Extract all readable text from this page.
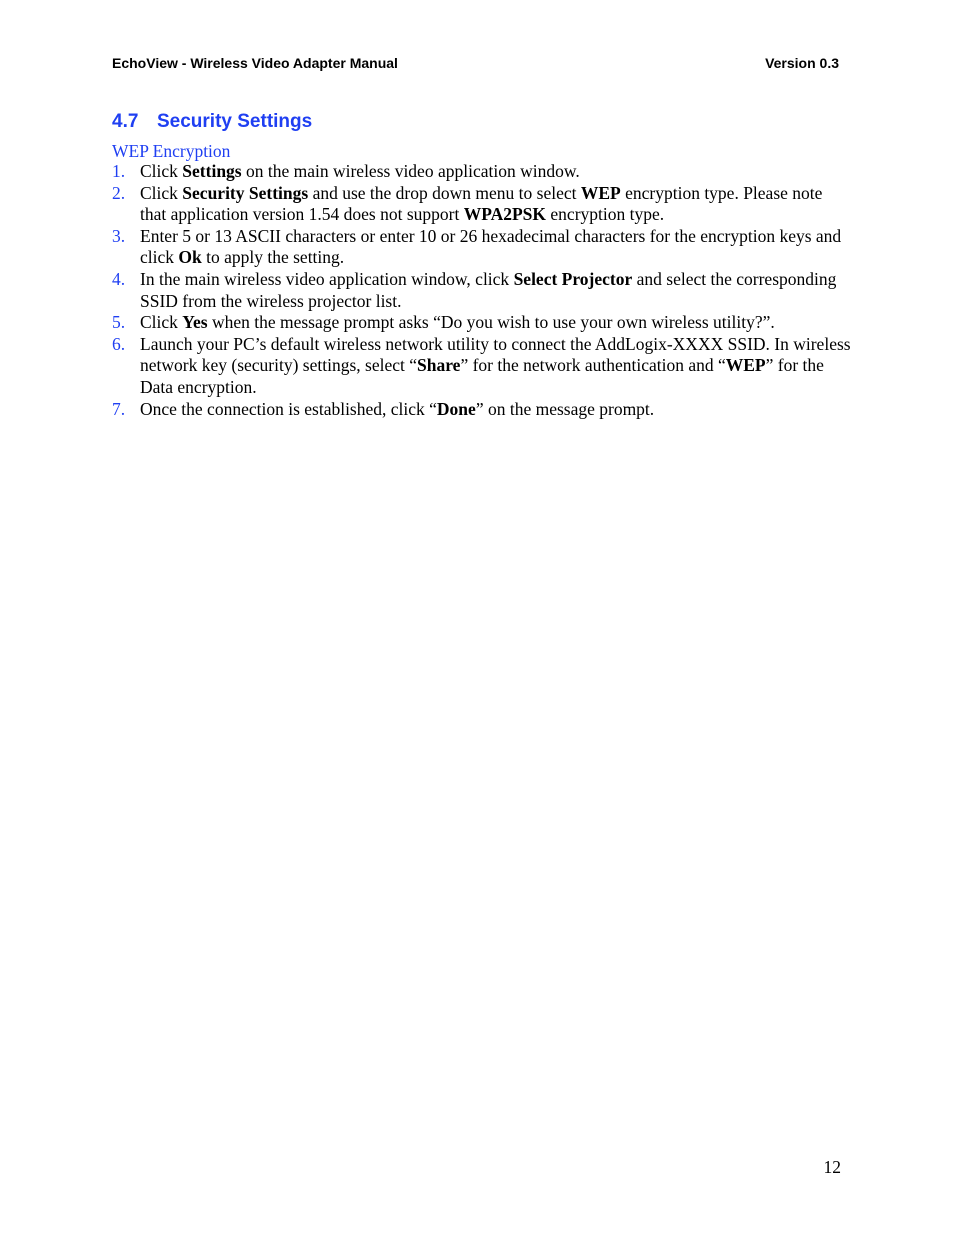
EchoView - Wireless Video Adapter Manual	Version 0.3
4.7 Security Settings
WEP Encryption
1. Click Settings on the main wireless video application window.
2. Click Security Settings and use the drop down menu to select WEP encryption type. Please note that application version 1.54 does not support WPA2PSK encryption type.
3. Enter 5 or 13 ASCII characters or enter 10 or 26 hexadecimal characters for the encryption keys and click Ok to apply the setting.
4. In the main wireless video application window, click Select Projector and select the corresponding SSID from the wireless projector list.
5. Click Yes when the message prompt asks “Do you wish to use your own wireless utility?”.
6. Launch your PC’s default wireless network utility to connect the AddLogix-XXXX SSID. In wireless network key (security) settings, select “Share” for the network authentication and “WEP” for the Data encryption.
7. Once the connection is established, click “Done” on the message prompt.
12
